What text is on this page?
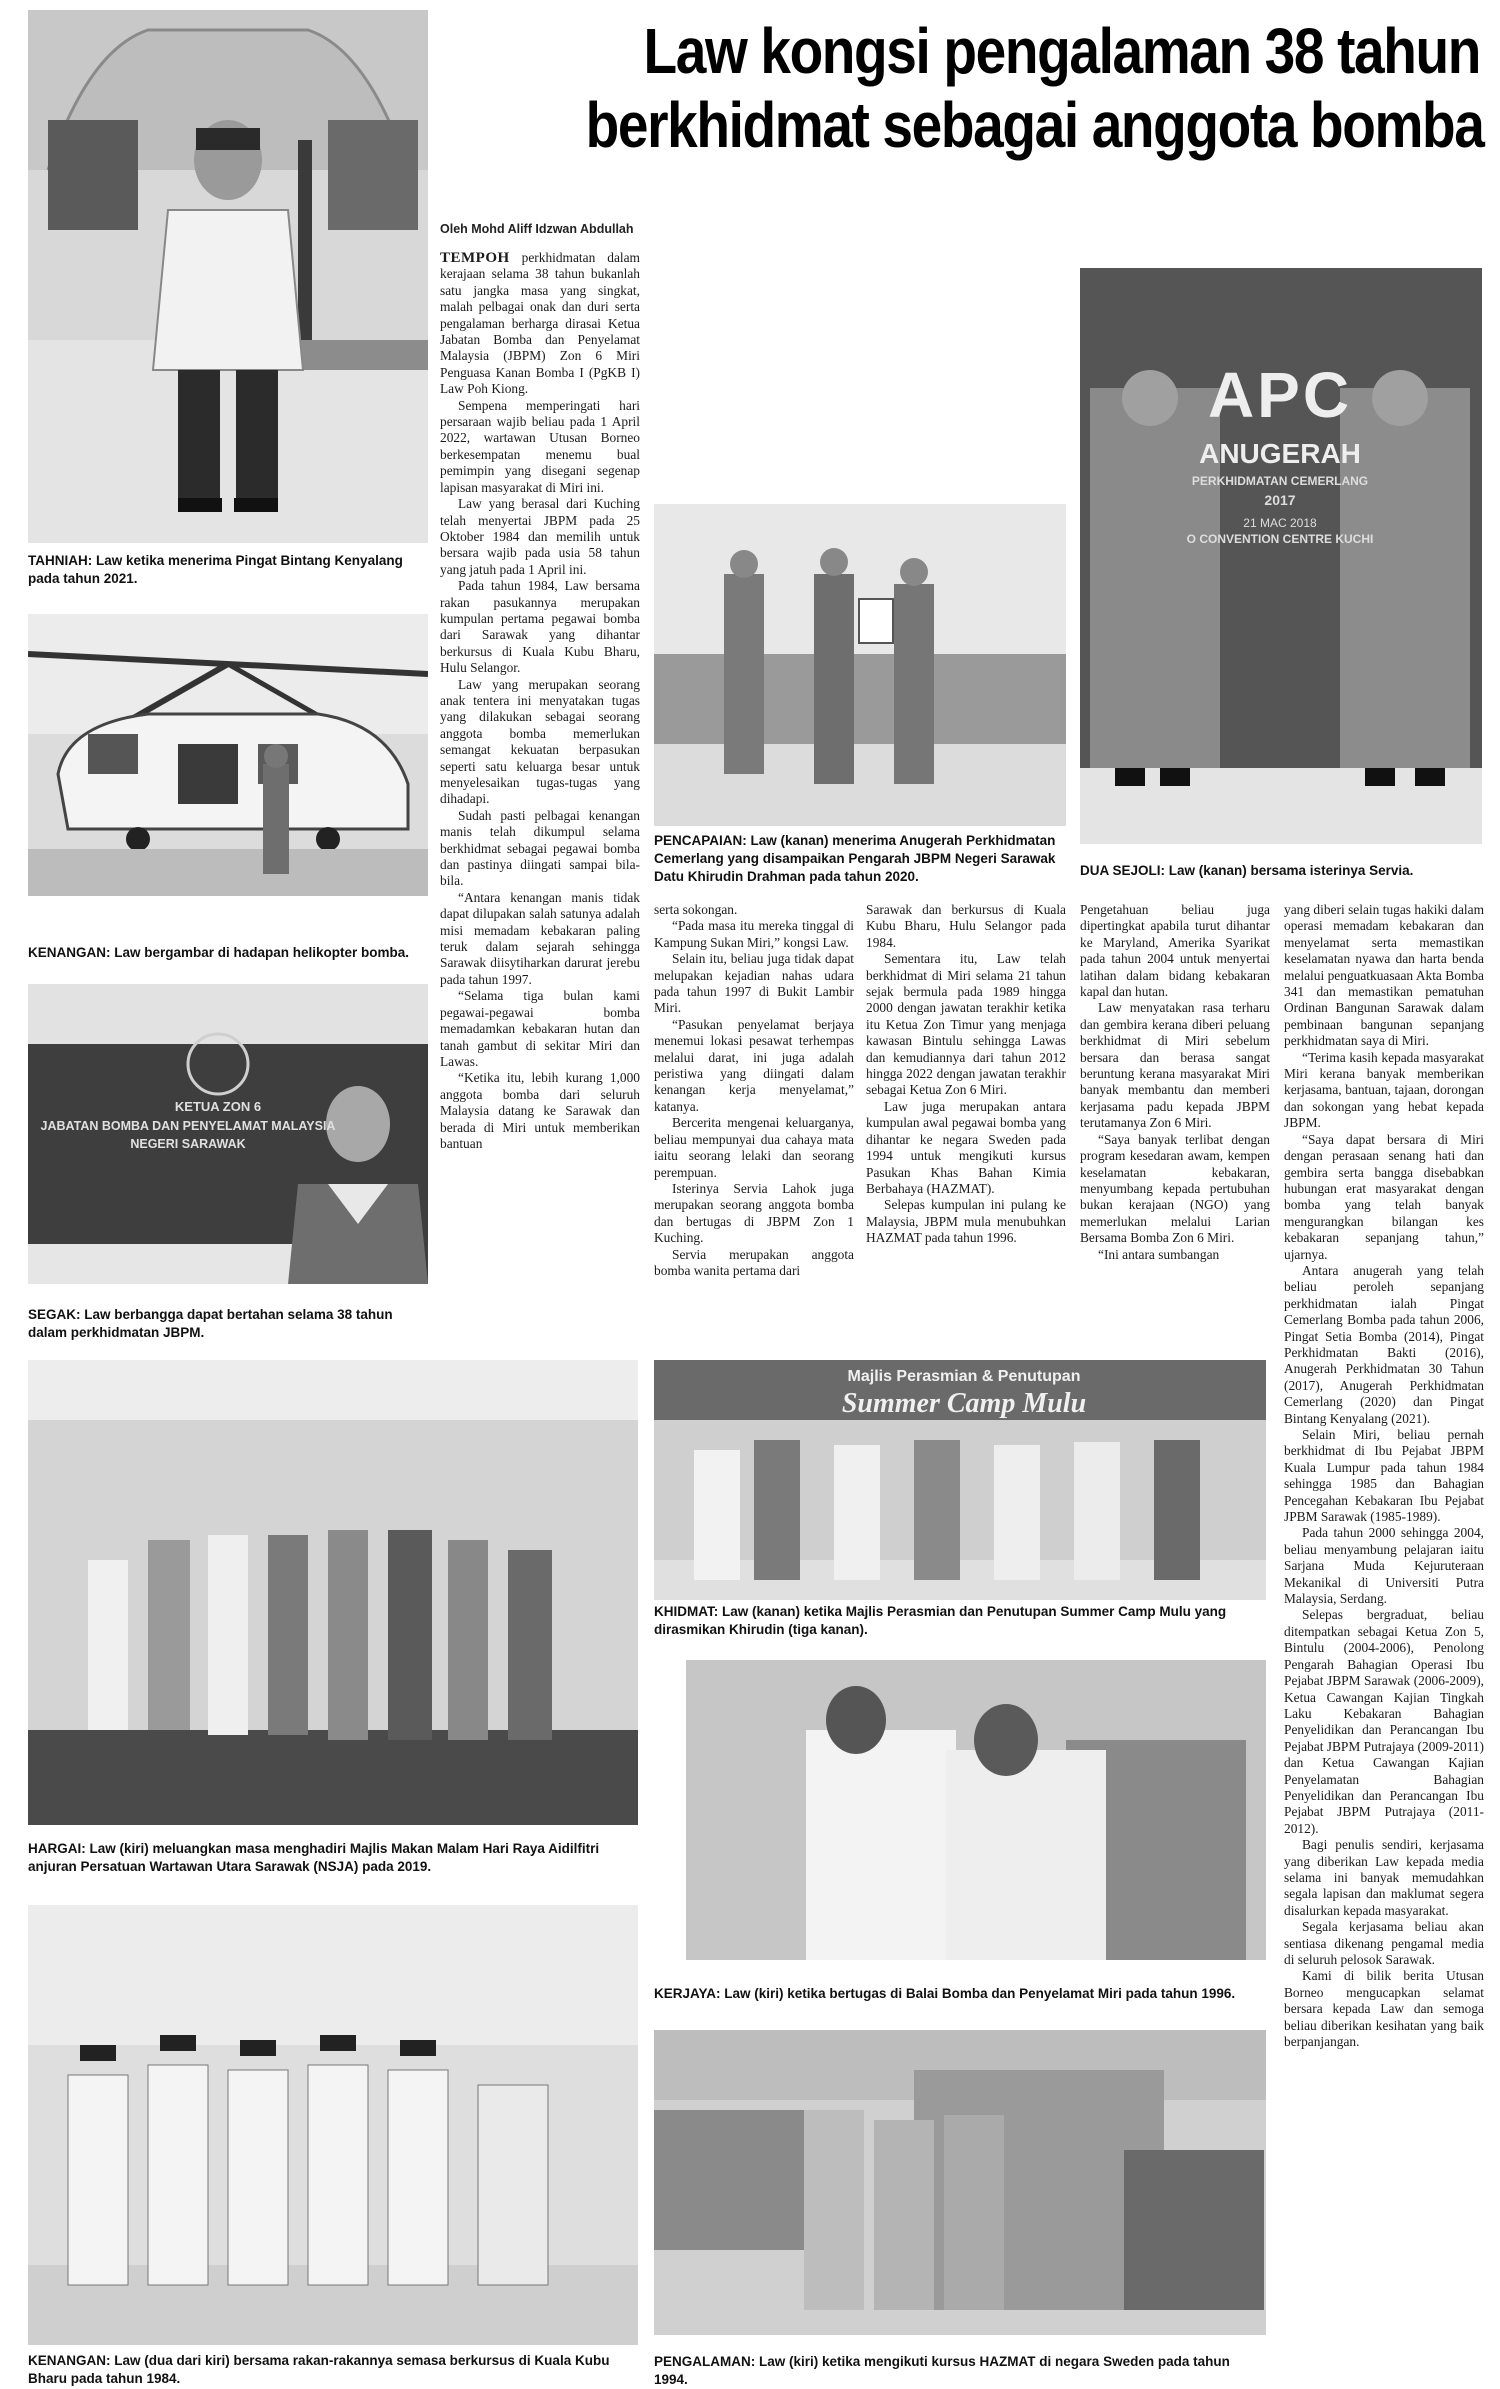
Law kongsi pengalaman 38 tahun
berkhidmat sebagai anggota bomba
Oleh Mohd Aliff Idzwan Abdullah
TAHNIAH: Law ketika menerima Pingat Bintang Kenyalang pada tahun 2021.
KENANGAN: Law bergambar di hadapan helikopter bomba.
KETUA ZON 6
JABATAN BOMBA DAN PENYELAMAT MALAYSIA
NEGERI SARAWAK
SEGAK: Law berbangga dapat bertahan selama 38 tahun dalam perkhidmatan JBPM.
PENCAPAIAN: Law (kanan) menerima Anugerah Perkhidmatan Cemerlang yang disampaikan Pengarah JBPM Negeri Sarawak Datu Khirudin Drahman pada tahun 2020.
APC
ANUGERAH
PERKHIDMATAN CEMERLANG
2017
21 MAC 2018
O CONVENTION CENTRE KUCHI
DUA SEJOLI: Law (kanan) bersama isterinya Servia.
HARGAI: Law (kiri) meluangkan masa menghadiri Majlis Makan Malam Hari Raya Aidilfitri anjuran Persatuan Wartawan Utara Sarawak (NSJA) pada 2019.
Majlis Perasmian & Penutupan
Summer Camp Mulu
KHIDMAT: Law (kanan) ketika Majlis Perasmian dan Penutupan Summer Camp Mulu yang dirasmikan Khirudin (tiga kanan).
KERJAYA: Law (kiri) ketika bertugas di Balai Bomba dan Penyelamat Miri pada tahun 1996.
KENANGAN: Law (dua dari kiri) bersama rakan-rakannya semasa berkursus di Kuala Kubu Bharu pada tahun 1984.
PENGALAMAN: Law (kiri) ketika mengikuti kursus HAZMAT di negara Sweden pada tahun 1994.

TEMPOH perkhidmatan dalam kerajaan selama 38 tahun bukanlah satu jangka masa yang singkat, malah pelbagai onak dan duri serta pengalaman berharga dirasai Ketua Jabatan Bomba dan Penyelamat Malaysia (JBPM) Zon 6 Miri Penguasa Kanan Bomba I (PgKB I) Law Poh Kiong.

Sempena memperingati hari persaraan wajib beliau pada 1 April 2022, wartawan Utusan Borneo berkesempatan menemu bual pemimpin yang disegani segenap lapisan masyarakat di Miri ini.

Law yang berasal dari Kuching telah menyertai JBPM pada 25 Oktober 1984 dan memilih untuk bersara wajib pada usia 58 tahun yang jatuh pada 1 April ini.

Pada tahun 1984, Law bersama rakan pasukannya merupakan kumpulan pertama pegawai bomba dari Sarawak yang dihantar berkursus di Kuala Kubu Bharu, Hulu Selangor.

Law yang merupakan seorang anak tentera ini menyatakan tugas yang dilakukan sebagai seorang anggota bomba memerlukan semangat kekuatan berpasukan seperti satu keluarga besar untuk menyelesaikan tugas-tugas yang dihadapi.

Sudah pasti pelbagai kenangan manis telah dikumpul selama berkhidmat sebagai pegawai bomba dan pastinya diingati sampai bila-bila.

“Antara kenangan manis tidak dapat dilupakan salah satunya adalah misi memadam kebakaran paling teruk dalam sejarah sehingga Sarawak diisytiharkan darurat jerebu pada tahun 1997.

“Selama tiga bulan kami pegawai-pegawai bomba memadamkan kebakaran hutan dan tanah gambut di sekitar Miri dan Lawas.

“Ketika itu, lebih kurang 1,000 anggota bomba dari seluruh Malaysia datang ke Sarawak dan berada di Miri untuk memberikan bantuan

serta sokongan.

“Pada masa itu mereka tinggal di Kampung Sukan Miri,” kongsi Law.

Selain itu, beliau juga tidak dapat melupakan kejadian nahas udara pada tahun 1997 di Bukit Lambir Miri.

“Pasukan penyelamat berjaya menemui lokasi pesawat terhempas melalui darat, ini juga adalah peristiwa yang diingati dalam kenangan kerja menyelamat,” katanya.

Bercerita mengenai keluarganya, beliau mempunyai dua cahaya mata iaitu seorang lelaki dan seorang perempuan.

Isterinya Servia Lahok juga merupakan seorang anggota bomba dan bertugas di JBPM Zon 1 Kuching.

Servia merupakan anggota bomba wanita pertama dari

Sarawak dan berkursus di Kuala Kubu Bharu, Hulu Selangor pada 1984.

Sementara itu, Law telah berkhidmat di Miri selama 21 tahun sejak bermula pada 1989 hingga 2000 dengan jawatan terakhir ketika itu Ketua Zon Timur yang menjaga kawasan Bintulu sehingga Lawas dan kemudiannya dari tahun 2012 hingga 2022 dengan jawatan terakhir sebagai Ketua Zon 6 Miri.

Law juga merupakan antara kumpulan awal pegawai bomba yang dihantar ke negara Sweden pada 1994 untuk mengikuti kursus Pasukan Khas Bahan Kimia Berbahaya (HAZMAT).

Selepas kumpulan ini pulang ke Malaysia, JBPM mula menubuhkan HAZMAT pada tahun 1996.

Pengetahuan beliau juga dipertingkat apabila turut dihantar ke Maryland, Amerika Syarikat pada tahun 2004 untuk menyertai latihan dalam bidang kebakaran kapal dan hutan.

Law menyatakan rasa terharu dan gembira kerana diberi peluang berkhidmat di Miri sebelum bersara dan berasa sangat beruntung kerana masyarakat Miri banyak membantu dan memberi kerjasama padu kepada JBPM terutamanya Zon 6 Miri.

“Saya banyak terlibat dengan program kesedaran awam, kempen keselamatan kebakaran, menyumbang kepada pertubuhan bukan kerajaan (NGO) yang memerlukan melalui Larian Bersama Bomba Zon 6 Miri.

“Ini antara sumbangan

yang diberi selain tugas hakiki dalam operasi memadam kebakaran dan menyelamat serta memastikan keselamatan nyawa dan harta benda melalui penguatkuasaan Akta Bomba 341 dan memastikan pematuhan Ordinan Bangunan Sarawak dalam pembinaan bangunan sepanjang perkhidmatan saya di Miri.

“Terima kasih kepada masyarakat Miri kerana banyak memberikan kerjasama, bantuan, tajaan, dorongan dan sokongan yang hebat kepada JBPM.

“Saya dapat bersara di Miri dengan perasaan senang hati dan gembira serta bangga disebabkan hubungan erat masyarakat dengan bomba yang telah banyak mengurangkan bilangan kes kebakaran sepanjang tahun,” ujarnya.

Antara anugerah yang telah beliau peroleh sepanjang perkhidmatan ialah Pingat Cemerlang Bomba pada tahun 2006, Pingat Setia Bomba (2014), Pingat Perkhidmatan Bakti (2016), Anugerah Perkhidmatan 30 Tahun (2017), Anugerah Perkhidmatan Cemerlang (2020) dan Pingat Bintang Kenyalang (2021).

Selain Miri, beliau pernah berkhidmat di Ibu Pejabat JBPM Kuala Lumpur pada tahun 1984 sehingga 1985 dan Bahagian Pencegahan Kebakaran Ibu Pejabat JPBM Sarawak (1985-1989).

Pada tahun 2000 sehingga 2004, beliau menyambung pelajaran iaitu Sarjana Muda Kejuruteraan Mekanikal di Universiti Putra Malaysia, Serdang.

Selepas bergraduat, beliau ditempatkan sebagai Ketua Zon 5, Bintulu (2004-2006), Penolong Pengarah Bahagian Operasi Ibu Pejabat JBPM Sarawak (2006-2009), Ketua Cawangan Kajian Tingkah Laku Kebakaran Bahagian Penyelidikan dan Perancangan Ibu Pejabat JBPM Putrajaya (2009-2011) dan Ketua Cawangan Kajian Penyelamatan Bahagian Penyelidikan dan Perancangan Ibu Pejabat JBPM Putrajaya (2011-2012).

Bagi penulis sendiri, kerjasama yang diberikan Law kepada media selama ini banyak memudahkan segala lapisan dan maklumat segera disalurkan kepada masyarakat.

Segala kerjasama beliau akan sentiasa dikenang pengamal media di seluruh pelosok Sarawak.

Kami di bilik berita Utusan Borneo mengucapkan selamat bersara kepada Law dan semoga beliau diberikan kesihatan yang baik berpanjangan.
